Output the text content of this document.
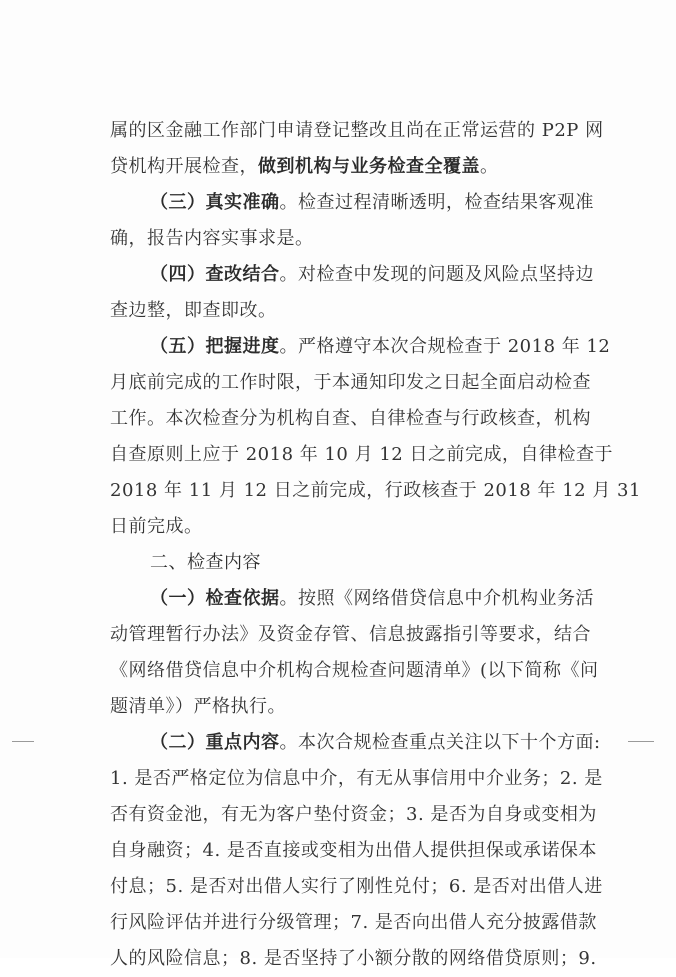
属的区金融工作部门申请登记整改且尚在正常运营的 P2P 网
贷机构开展检查，做到机构与业务检查全覆盖。
（三）真实准确。检查过程清晰透明，检查结果客观准
确，报告内容实事求是。
（四）查改结合。对检查中发现的问题及风险点坚持边
查边整，即查即改。
（五）把握进度。严格遵守本次合规检查于 2018 年 12
月底前完成的工作时限，于本通知印发之日起全面启动检查
工作。本次检查分为机构自查、自律检查与行政核查，机构
自查原则上应于 2018 年 10 月 12 日之前完成，自律检查于
2018 年 11 月 12 日之前完成，行政核查于 2018 年 12 月 31
日前完成。
二、检查内容
（一）检查依据。按照《网络借贷信息中介机构业务活
动管理暂行办法》及资金存管、信息披露指引等要求，结合
《网络借贷信息中介机构合规检查问题清单》(以下简称《问
题清单》）严格执行。
（二）重点内容。本次合规检查重点关注以下十个方面:
1. 是否严格定位为信息中介，有无从事信用中介业务；2. 是
否有资金池，有无为客户垫付资金；3. 是否为自身或变相为
自身融资；4. 是否直接或变相为出借人提供担保或承诺保本
付息；5. 是否对出借人实行了刚性兑付；6. 是否对出借人进
行风险评估并进行分级管理；7. 是否向出借人充分披露借款
人的风险信息；8. 是否坚持了小额分散的网络借贷原则；9.
